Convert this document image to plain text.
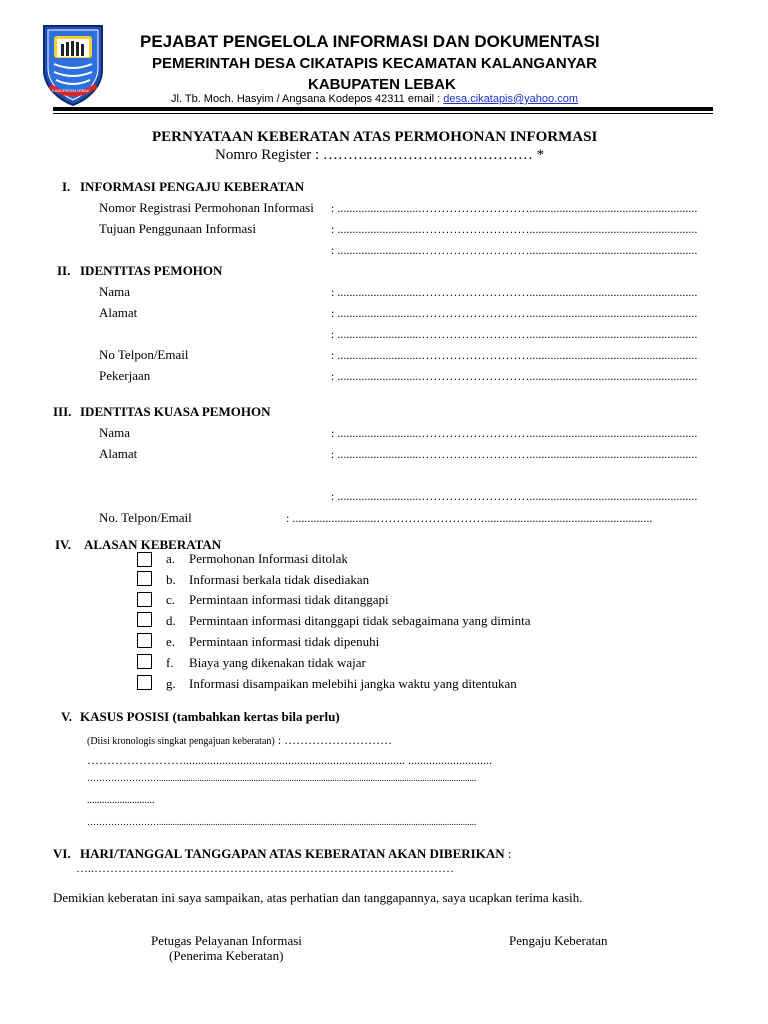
KABUPATEN LEBAK
PEJABAT PENGELOLA INFORMASI DAN DOKUMENTASI
PEMERINTAH DESA CIKATAPIS KECAMATAN KALANGANYAR
KABUPATEN LEBAK
Jl. Tb. Moch. Hasyim / Angsana Kodepos 42311 email : desa.cikatapis@yahoo.com
PERNYATAAN KEBERATAN ATAS PERMOHONAN INFORMASI
Nomro Register : …………………………………… *
I. INFORMASI PENGAJU KEBERATAN
Nomor Registrasi Permohonan Informasi : ............................………………………........................................................
Tujuan Penggunaan Informasi	: ............................………………………........................................................
: ............................………………………........................................................
II. IDENTITAS PEMOHON
Nama	: ............................………………………........................................................
Alamat	: ............................………………………........................................................
: ............................………………………........................................................
No Telpon/Email	: ............................………………………........................................................
Pekerjaan	: ............................………………………........................................................
III. IDENTITAS KUASA PEMOHON
Nama	: ............................………………………........................................................
Alamat	: ............................………………………........................................................
: ............................………………………........................................................
No. Telpon/Email	: ............................………………………........................................................
IV. ALASAN KEBERATAN
a. Permohonan Informasi ditolak
b. Informasi berkala tidak disediakan
c. Permintaan informasi tidak ditanggapi
d. Permintaan informasi ditanggapi tidak sebagaimana yang diminta
e. Permintaan informasi tidak dipenuhi
f. Biaya yang dikenakan tidak wajar
g. Informasi disampaikan melebihi jangka waktu yang ditentukan
V. KASUS POSISI (tambahkan kertas bila perlu)
(Diisi kronologis singkat pengajuan keberatan) : ………………………
…………………….......................................................................... ............................
…………………….............................................................................................................................................
...........................
…………………….............................................................................................................................................
VI. HARI/TANGGAL TANGGAPAN ATAS KEBERATAN AKAN DIBERIKAN :
…..………………………………………………………………………………
Demikian keberatan ini saya sampaikan, atas perhatian dan tanggapannya, saya ucapkan terima kasih.
Petugas Pelayanan Informasi
(Penerima Keberatan)
Pengaju Keberatan
